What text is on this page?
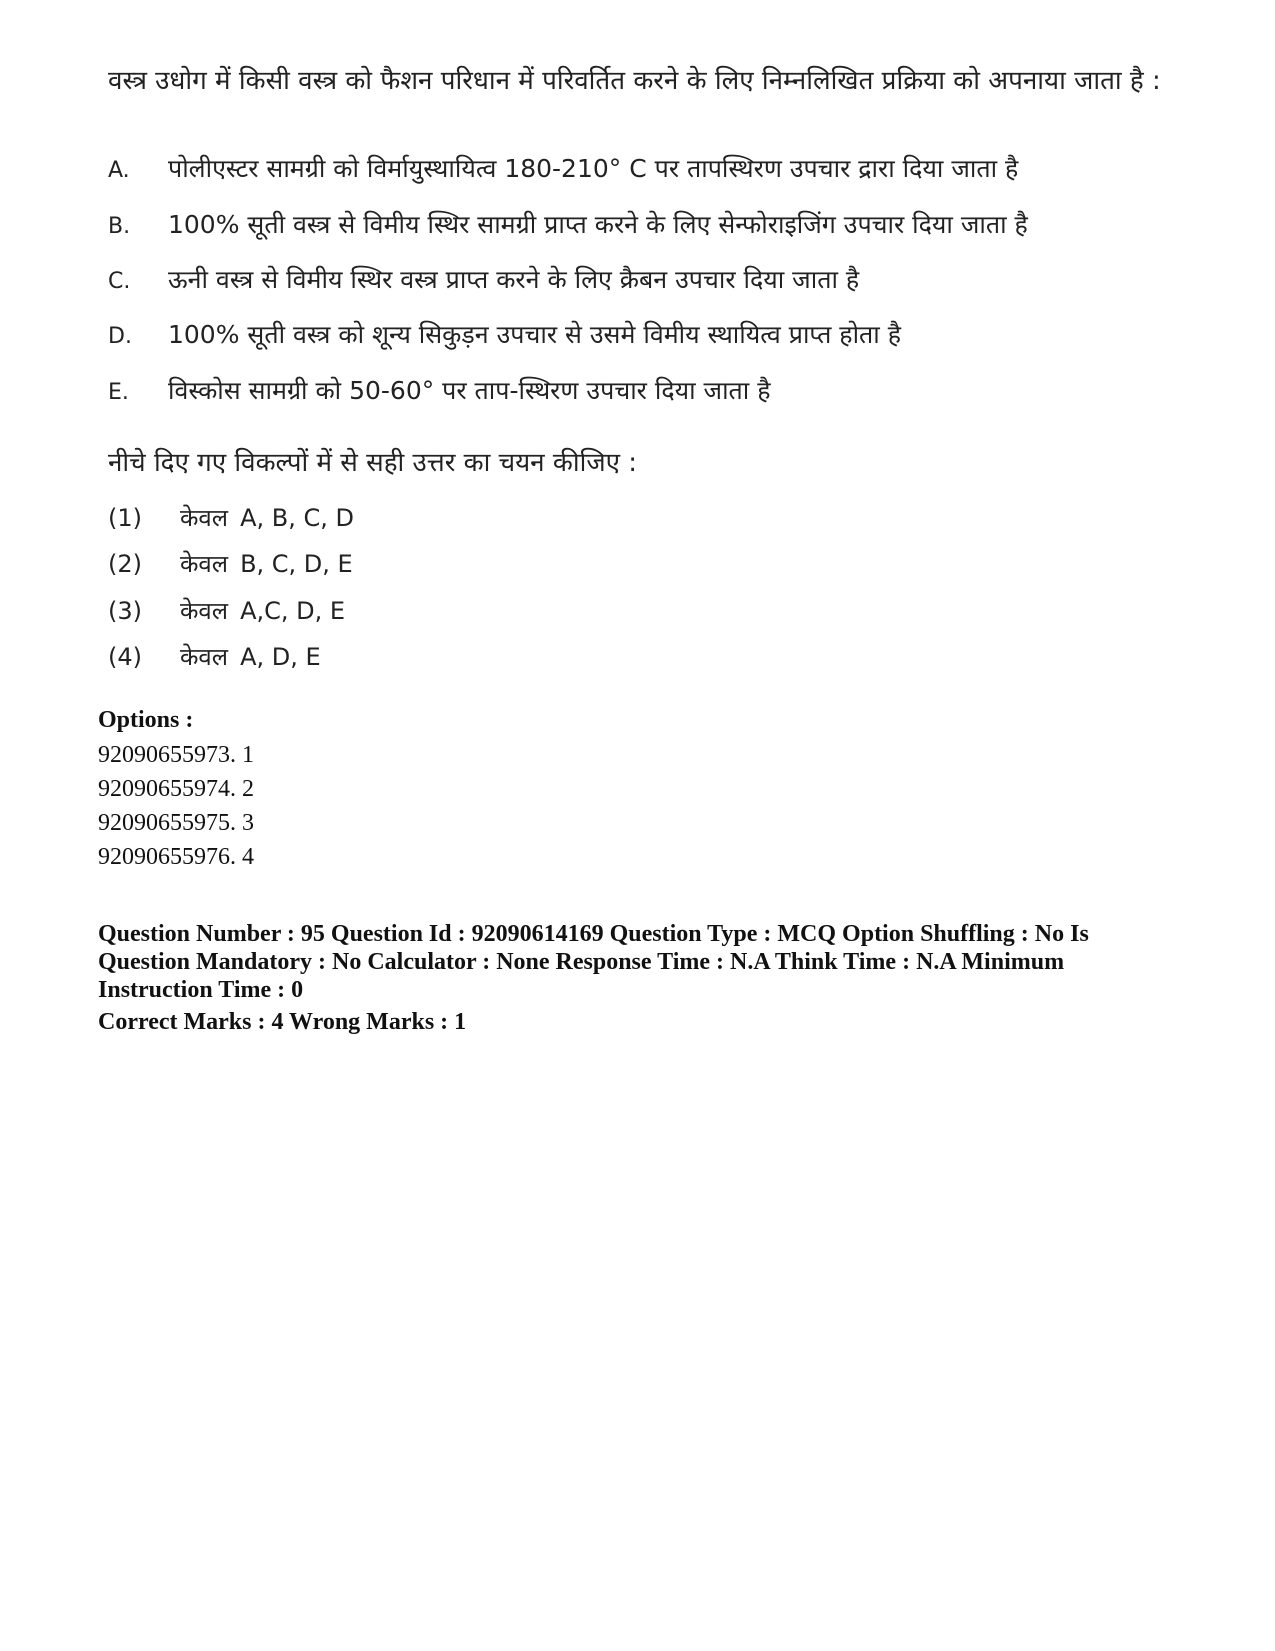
वस्त्र उधोग में किसी वस्त्र को फैशन परिधान में परिवर्तित करने के लिए निम्नलिखित प्रक्रिया को अपनाया जाता है :
A.	पोलीएस्टर सामग्री को विर्मायुस्थायित्व 180-210° C पर तापस्थिरण उपचार द्रारा दिया जाता है
B.	100% सूती वस्त्र से विमीय स्थिर सामग्री प्राप्त करने के लिए सेन्फोराइजिंग उपचार दिया जाता है
C.	ऊनी वस्त्र से विमीय स्थिर वस्त्र प्राप्त करने के लिए क्रैबन उपचार दिया जाता है
D.	100% सूती वस्त्र को शून्य सिकुड़न उपचार से उसमे विमीय स्थायित्व प्राप्त होता है
E.	विस्कोस सामग्री को 50-60° पर ताप-स्थिरण उपचार दिया जाता है
नीचे दिए गए विकल्पों में से सही उत्तर का चयन कीजिए :
(1)	केवल A, B, C, D
(2)	केवल B, C, D, E
(3)	केवल A,C, D, E
(4)	केवल A, D, E
Options :
92090655973. 1
92090655974. 2
92090655975. 3
92090655976. 4
Question Number : 95 Question Id : 92090614169 Question Type : MCQ Option Shuffling : No Is Question Mandatory : No Calculator : None Response Time : N.A Think Time : N.A Minimum Instruction Time : 0
Correct Marks : 4 Wrong Marks : 1
